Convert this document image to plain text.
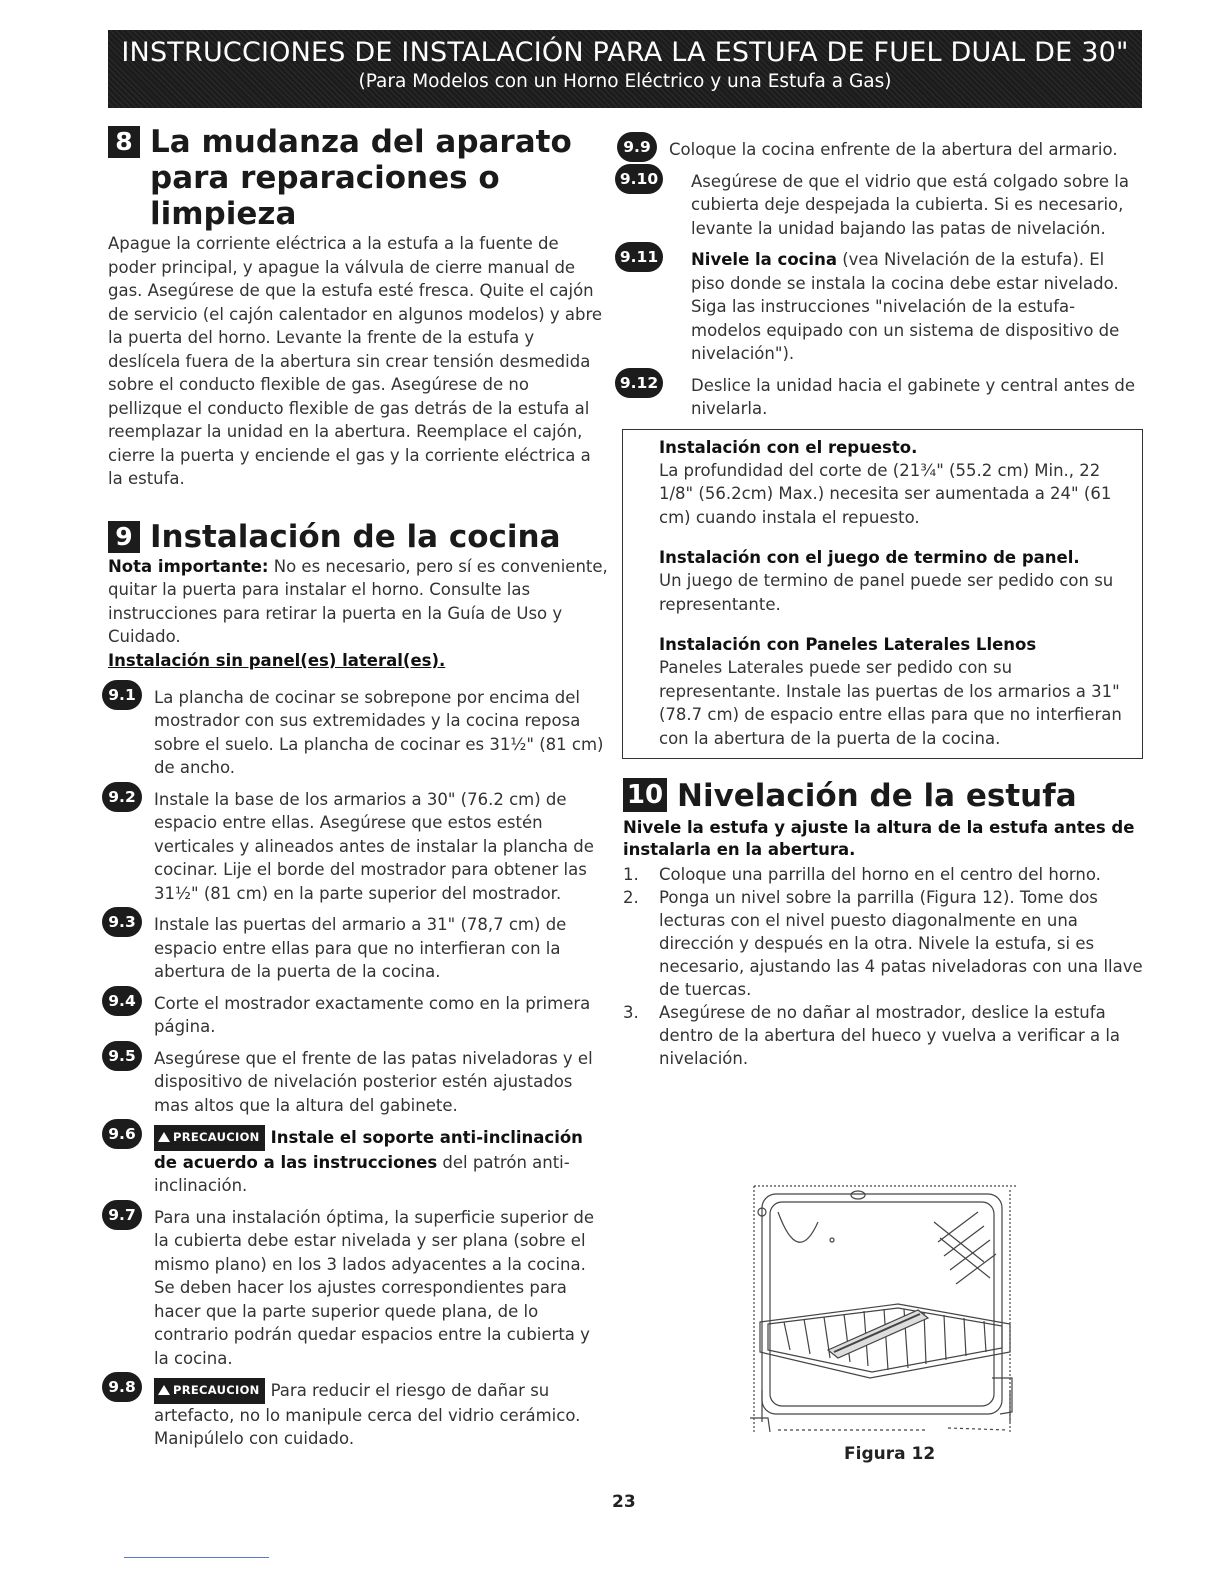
INSTRUCCIONES DE INSTALACIÓN PARA LA ESTUFA DE FUEL DUAL DE 30"
(Para Modelos con un Horno Eléctrico y una Estufa a Gas)
8 La mudanza del aparato para reparaciones o limpieza

Apague la corriente eléctrica a la estufa a la fuente de poder principal, y apague la válvula de cierre manual de gas. Asegúrese de que la estufa esté fresca. Quite el cajón de servicio (el cajón calentador en algunos modelos) y abre la puerta del horno. Levante la frente de la estufa y deslícela fuera de la abertura sin crear tensión desmedida sobre el conducto flexible de gas. Asegúrese de no pellizque el conducto flexible de gas detrás de la estufa al reemplazar la unidad en la abertura. Reemplace el cajón, cierre la puerta y enciende el gas y la corriente eléctrica a la estufa.

9 Instalación de la cocina

Nota importante: No es necesario, pero sí es conveniente, quitar la puerta para instalar el horno. Consulte las instrucciones para retirar la puerta en la Guía de Uso y Cuidado.

Instalación sin panel(es) lateral(es).
9.1	La plancha de cocinar se sobrepone por encima del mostrador con sus extremidades y la cocina reposa sobre el suelo. La plancha de cocinar es 31½" (81 cm) de ancho.

9.2	Instale la base de los armarios a 30" (76.2 cm) de espacio entre ellas. Asegúrese que estos estén verticales y alineados antes de instalar la plancha de cocinar. Lije el borde del mostrador para obtener las 31½" (81 cm) en la parte superior del mostrador.

9.3	Instale las puertas del armario a 31" (78,7 cm) de espacio entre ellas para que no interfieran con la abertura de la puerta de la cocina.

9.4	Corte el mostrador exactamente como en la primera página.

9.5	Asegúrese que el frente de las patas niveladoras y el dispositivo de nivelación posterior estén ajustados mas altos que la altura del gabinete.

9.6	PRECAUCION Instale el soporte anti-inclinación de acuerdo a las instrucciones del patrón anti-inclinación.

9.7	Para una instalación óptima, la superficie superior de la cubierta debe estar nivelada y ser plana (sobre el mismo plano) en los 3 lados adyacentes a la cocina. Se deben hacer los ajustes correspondientes para hacer que la parte superior quede plana, de lo contrario podrán quedar espacios entre la cubierta y la cocina.

9.8	PRECAUCION Para reducir el riesgo de dañar su artefacto, no lo manipule cerca del vidrio cerámico. Manipúlelo con cuidado.

9.9	Coloque la cocina enfrente de la abertura del armario.

9.10 Asegúrese de que el vidrio que está colgado sobre la cubierta deje despejada la cubierta. Si es necesario, levante la unidad bajando las patas de nivelación.

9.11 Nivele la cocina (vea Nivelación de la estufa). El piso donde se instala la cocina debe estar nivelado. Siga las instrucciones "nivelación de la estufa-modelos equipado con un sistema de dispositivo de nivelación").

9.12 Deslice la unidad hacia el gabinete y central antes de nivelarla.

Instalación con el repuesto.

La profundidad del corte de (21¾" (55.2 cm) Min., 22 1/8" (56.2cm) Max.) necesita ser aumentada a 24" (61 cm) cuando instala el repuesto.

Instalación con el juego de termino de panel.

Un juego de termino de panel puede ser pedido con su representante.

Instalación con Paneles Laterales Llenos

Paneles Laterales puede ser pedido con su representante. Instale las puertas de los armarios a 31" (78.7 cm) de espacio entre ellas para que no interfieran con la abertura de la puerta de la cocina.

10 Nivelación de la estufa
Nivele la estufa y ajuste la altura de la estufa antes de instalarla en la abertura.
1. Coloque una parrilla del horno en el centro del horno.
2. Ponga un nivel sobre la parrilla (Figura 12). Tome dos lecturas con el nivel puesto diagonalmente en una dirección y después en la otra. Nivele la estufa, si es necesario, ajustando las 4 patas niveladoras con una llave de tuercas.
3. Asegúrese de no dañar al mostrador, deslice la estufa dentro de la abertura del hueco y vuelva a verificar a la nivelación.
Figura 12
23
